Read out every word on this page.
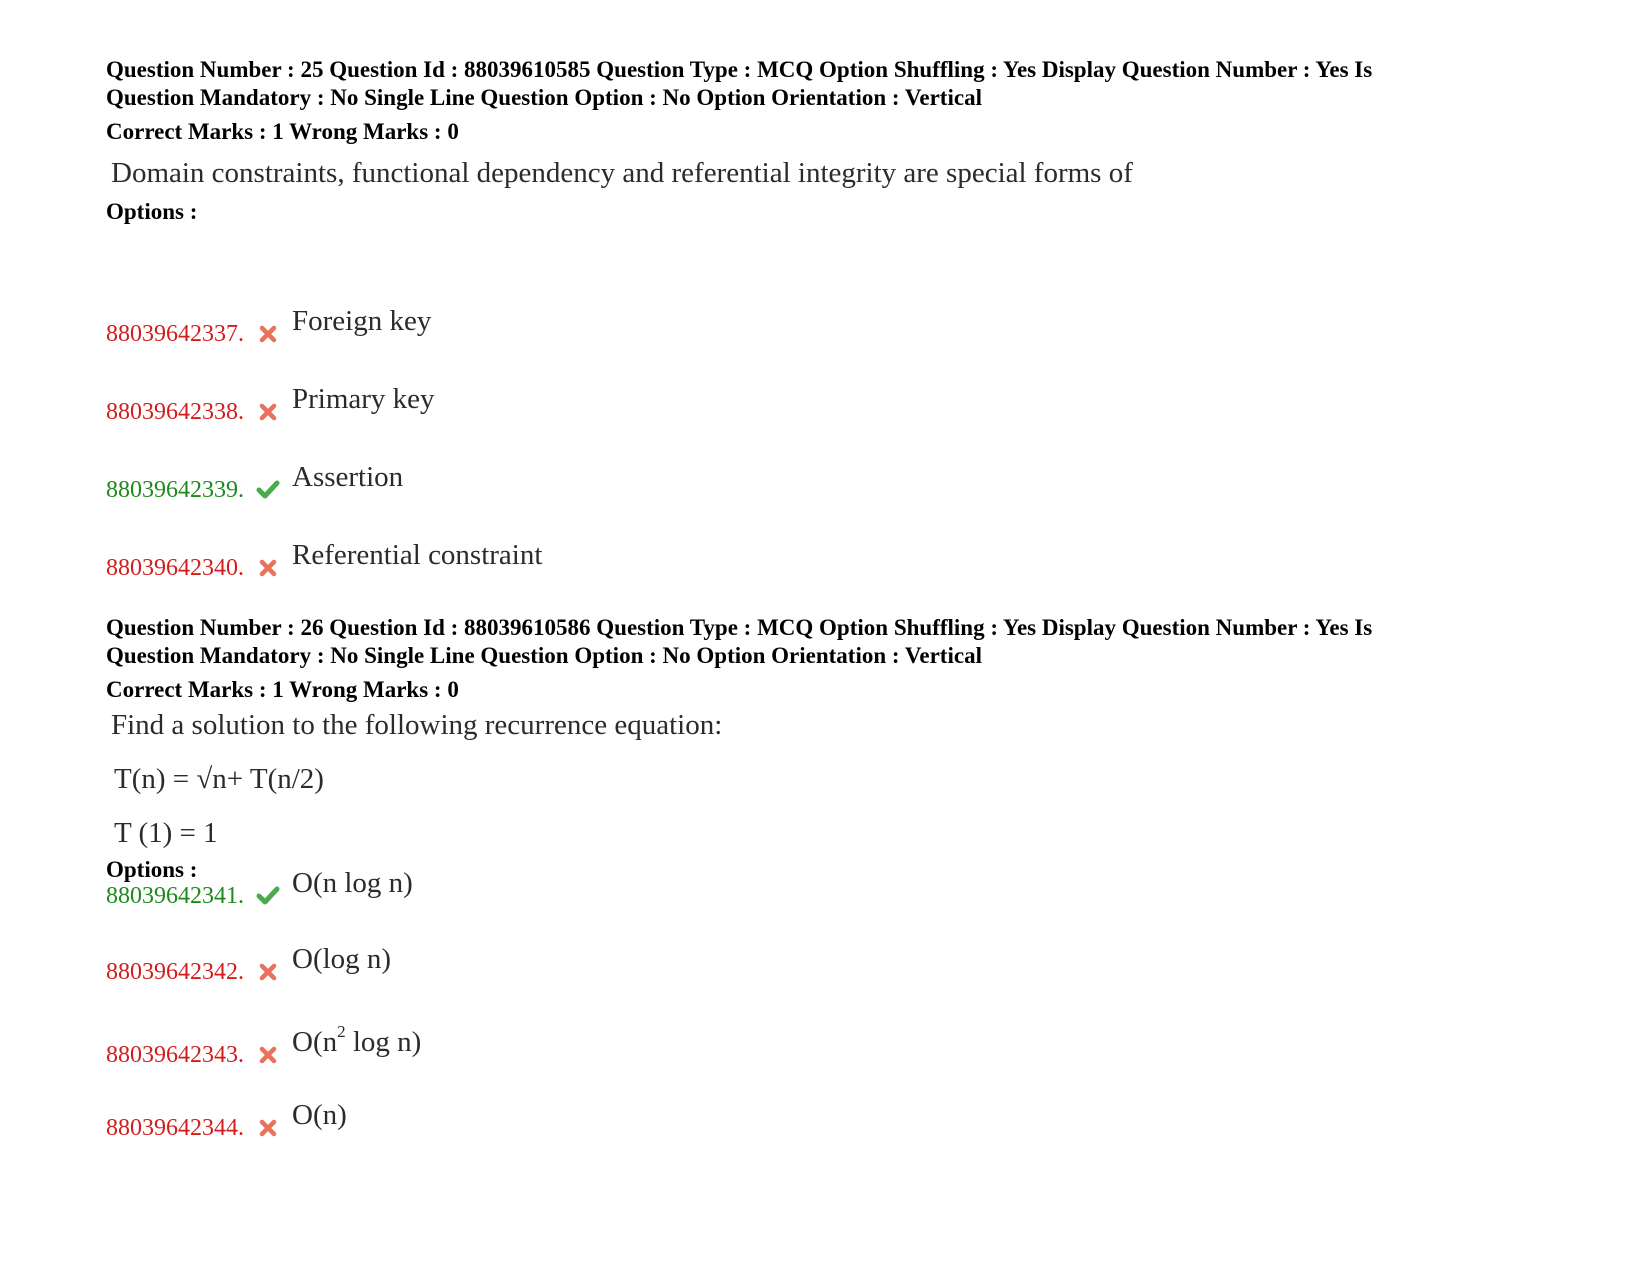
Question Number : 25 Question Id : 88039610585 Question Type : MCQ Option Shuffling : Yes Display Question Number : Yes Is
Question Mandatory : No Single Line Question Option : No Option Orientation : Vertical
Correct Marks : 1 Wrong Marks : 0
Domain constraints, functional dependency and referential integrity are special forms of
Options :
88039642337. Foreign key
88039642338. Primary key
88039642339. Assertion
88039642340. Referential constraint
Question Number : 26 Question Id : 88039610586 Question Type : MCQ Option Shuffling : Yes Display Question Number : Yes Is
Question Mandatory : No Single Line Question Option : No Option Orientation : Vertical
Correct Marks : 1 Wrong Marks : 0
Find a solution to the following recurrence equation:
T(n) = √n+ T(n/2)
T (1) = 1
Options :
88039642341. O(n log n)
88039642342. O(log n)
88039642343. $O(n^2$ log n)
88039642344. O(n)
